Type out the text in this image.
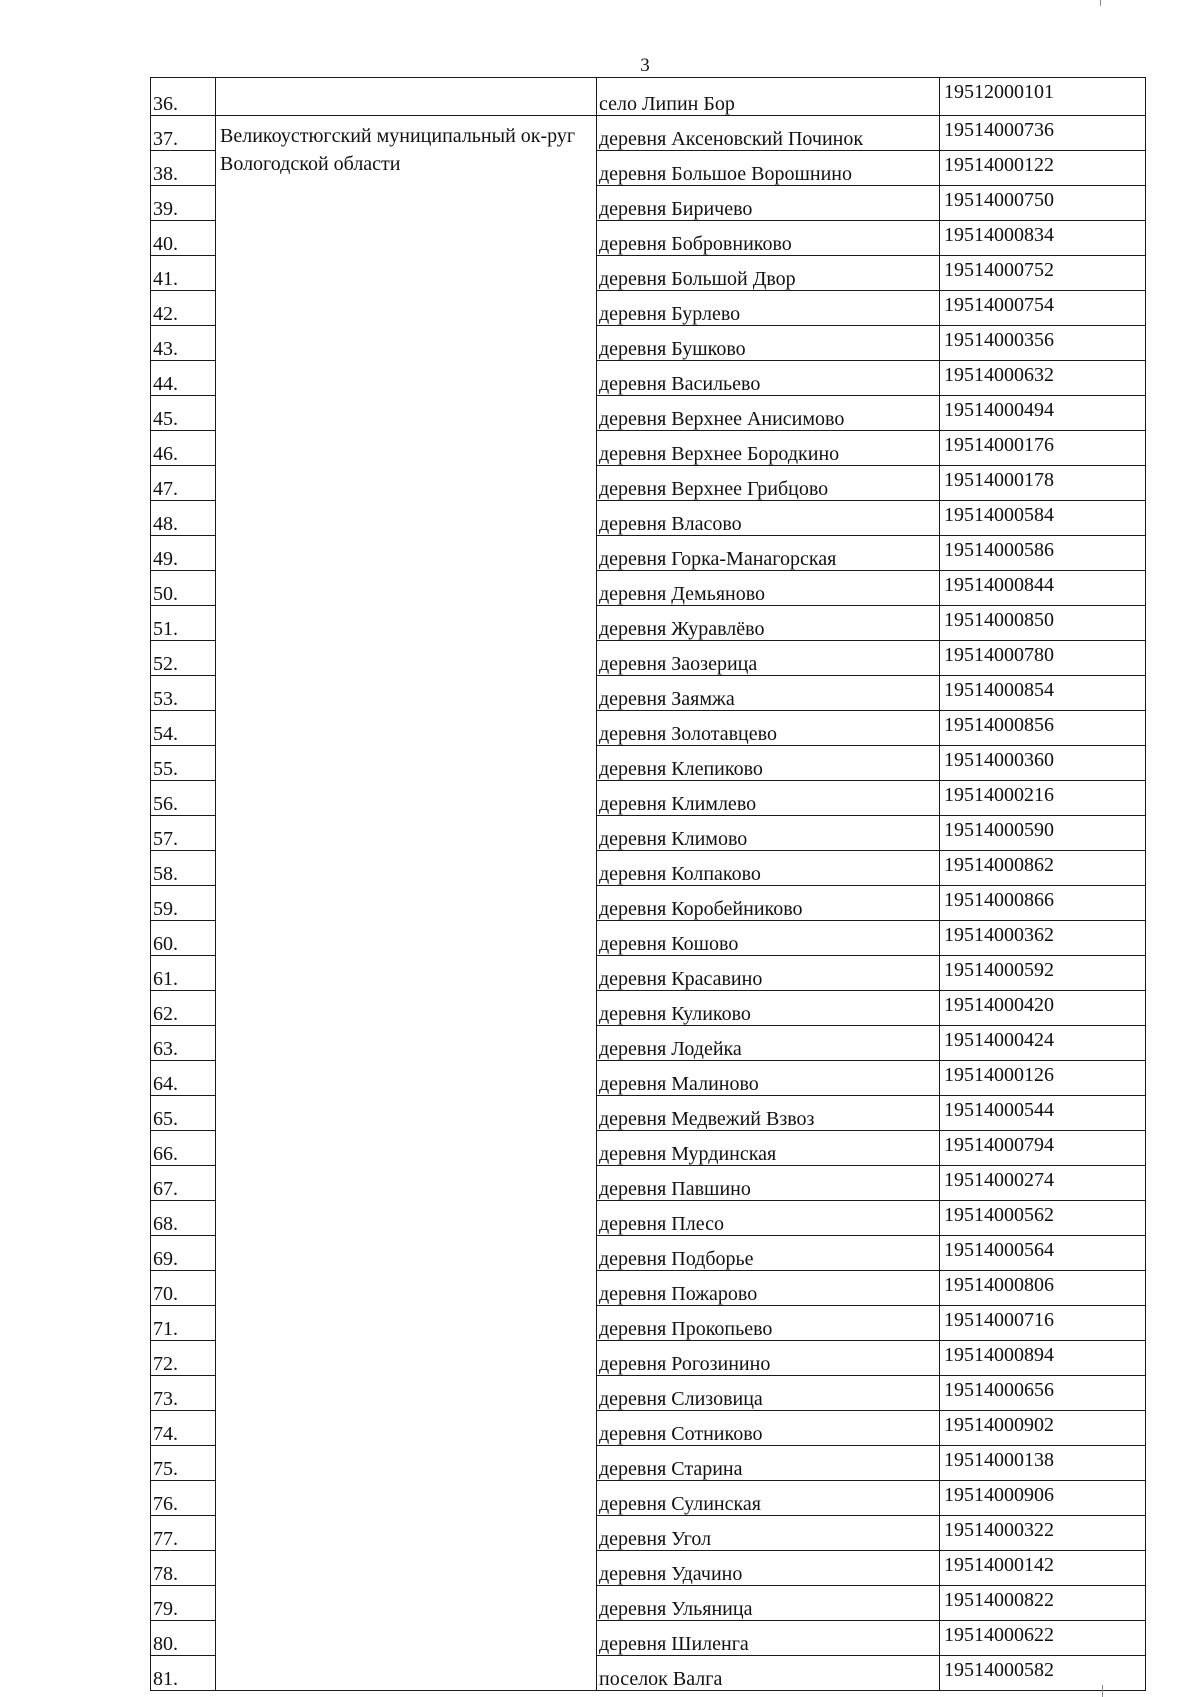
3
36.		село Липин Бор	19512000101
37.	Великоустюгский муниципальный ок-руг Вологодской области	деревня Аксеновский Починок	19514000736
38.		деревня Большое Ворошнино	19514000122
39.		деревня Биричево	19514000750
40.		деревня Бобровниково	19514000834
41.		деревня Большой Двор	19514000752
42.		деревня Бурлево	19514000754
43.		деревня Бушково	19514000356
44.		деревня Васильево	19514000632
45.		деревня Верхнее Анисимово	19514000494
46.		деревня Верхнее Бородкино	19514000176
47.		деревня Верхнее Грибцово	19514000178
48.		деревня Власово	19514000584
49.		деревня Горка-Манагорская	19514000586
50.		деревня Демьяново	19514000844
51.		деревня Журавлёво	19514000850
52.		деревня Заозерица	19514000780
53.		деревня Заямжа	19514000854
54.		деревня Золотавцево	19514000856
55.		деревня Клепиково	19514000360
56.		деревня Климлево	19514000216
57.		деревня Климово	19514000590
58.		деревня Колпаково	19514000862
59.		деревня Коробейниково	19514000866
60.		деревня Кошово	19514000362
61.		деревня Красавино	19514000592
62.		деревня Куликово	19514000420
63.		деревня Лодейка	19514000424
64.		деревня Малиново	19514000126
65.		деревня Медвежий Взвоз	19514000544
66.		деревня Мурдинская	19514000794
67.		деревня Павшино	19514000274
68.		деревня Плесо	19514000562
69.		деревня Подборье	19514000564
70.		деревня Пожарово	19514000806
71.		деревня Прокопьево	19514000716
72.		деревня Рогозинино	19514000894
73.		деревня Слизовица	19514000656
74.		деревня Сотниково	19514000902
75.		деревня Старина	19514000138
76.		деревня Сулинская	19514000906
77.		деревня Угол	19514000322
78.		деревня Удачино	19514000142
79.		деревня Ульяница	19514000822
80.		деревня Шиленга	19514000622
81.		поселок Валга	19514000582
